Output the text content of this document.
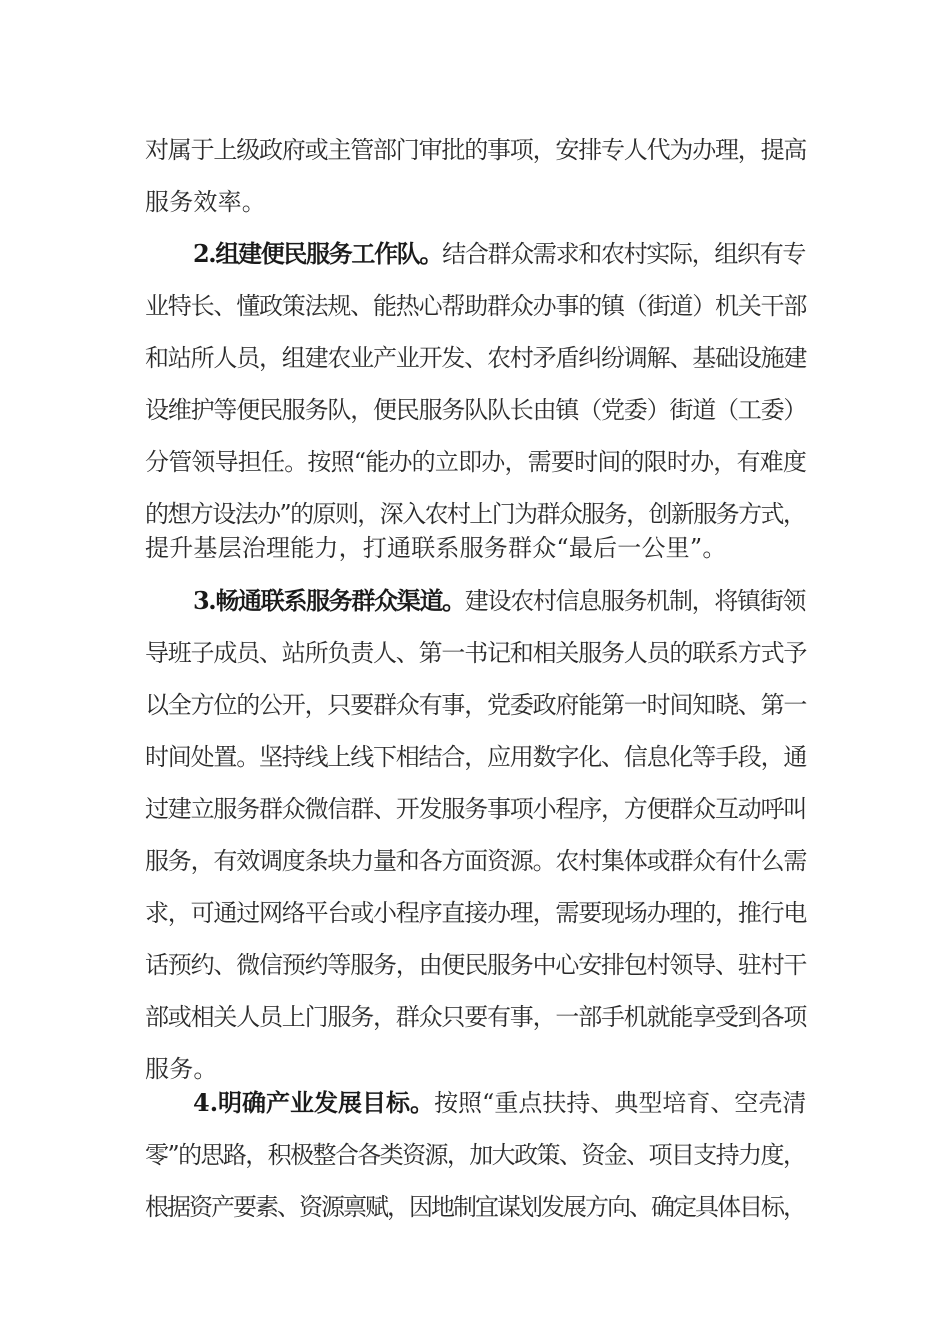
对属于上级政府或主管部门审批的事项，安排专人代为办理，提高
服务效率。
2.组建便民服务工作队。结合群众需求和农村实际，组织有专
业特长、懂政策法规、能热心帮助群众办事的镇（街道）机关干部
和站所人员，组建农业产业开发、农村矛盾纠纷调解、基础设施建
设维护等便民服务队，便民服务队队长由镇（党委）街道（工委）
分管领导担任。按照“能办的立即办，需要时间的限时办，有难度
的想方设法办”的原则，深入农村上门为群众服务，创新服务方式，
提升基层治理能力，打通联系服务群众“最后一公里”。
3.畅通联系服务群众渠道。建设农村信息服务机制，将镇街领
导班子成员、站所负责人、第一书记和相关服务人员的联系方式予
以全方位的公开，只要群众有事，党委政府能第一时间知晓、第一
时间处置。坚持线上线下相结合，应用数字化、信息化等手段，通
过建立服务群众微信群、开发服务事项小程序，方便群众互动呼叫
服务，有效调度条块力量和各方面资源。农村集体或群众有什么需
求，可通过网络平台或小程序直接办理，需要现场办理的，推行电
话预约、微信预约等服务，由便民服务中心安排包村领导、驻村干
部或相关人员上门服务，群众只要有事，一部手机就能享受到各项
服务。
4.明确产业发展目标。按照“重点扶持、典型培育、空壳清
零”的思路，积极整合各类资源，加大政策、资金、项目支持力度，
根据资产要素、资源禀赋，因地制宜谋划发展方向、确定具体目标，
